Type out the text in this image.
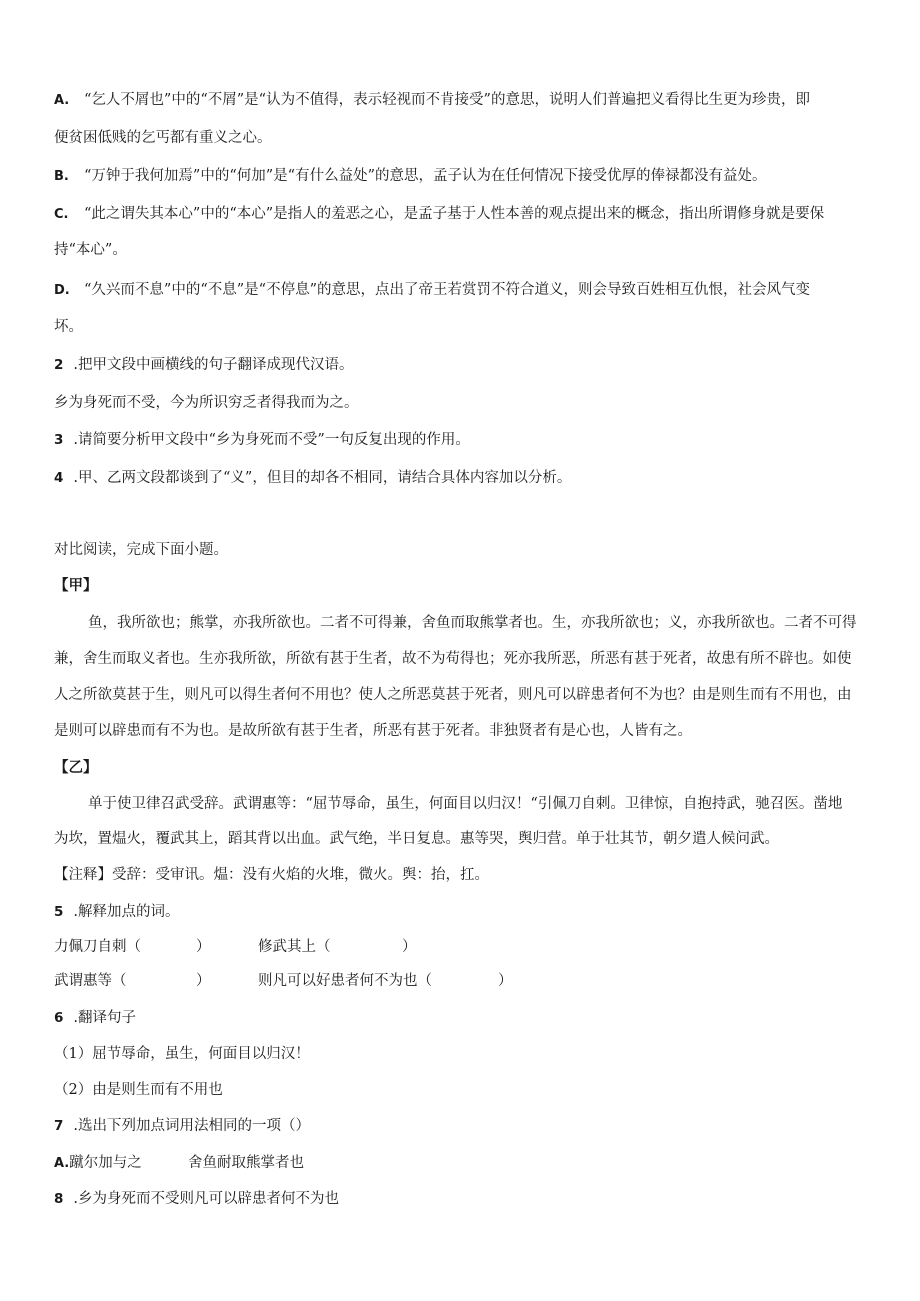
A. “乞人不屑也”中的“不屑”是“认为不值得，表示轻视而不肯接受”的意思，说明人们普遍把义看得比生更为珍贵，即
便贫困低贱的乞丐都有重义之心。
B. “万钟于我何加焉”中的“何加”是“有什么益处”的意思，孟子认为在任何情况下接受优厚的俸禄都没有益处。
C. “此之谓失其本心”中的“本心”是指人的羞恶之心，是孟子基于人性本善的观点提出来的概念，指出所谓修身就是要保
持“本心”。
D. “久兴而不息”中的“不息”是“不停息”的意思，点出了帝王若赏罚不符合道义，则会导致百姓相互仇恨，社会风气变
坏。
2 .把甲文段中画横线的句子翻译成现代汉语。
乡为身死而不受，今为所识穷乏者得我而为之。
3 .请简要分析甲文段中“乡为身死而不受”一句反复出现的作用。
4 .甲、乙两文段都谈到了“义”，但目的却各不相同，请结合具体内容加以分析。
对比阅读，完成下面小题。
【甲】
鱼，我所欲也；熊掌，亦我所欲也。二者不可得兼，舍鱼而取熊掌者也。生，亦我所欲也；义，亦我所欲也。二者不可得
兼，舍生而取义者也。生亦我所欲，所欲有甚于生者，故不为苟得也；死亦我所恶，所恶有甚于死者，故患有所不辟也。如使
人之所欲莫甚于生，则凡可以得生者何不用也？使人之所恶莫甚于死者，则凡可以辟患者何不为也？由是则生而有不用也，由
是则可以辟患而有不为也。是故所欲有甚于生者，所恶有甚于死者。非独贤者有是心也，人皆有之。
【乙】
单于使卫律召武受辞。武谓惠等：“屈节辱命，虽生，何面目以归汉！“引佩刀自刺。卫律惊，自抱持武，驰召医。凿地
为坎，置煴火，覆武其上，蹈其背以出血。武气绝，半日复息。惠等哭，舆归营。单于壮其节，朝夕遣人候问武。
【注释】受辞：受审讯。煴：没有火焰的火堆，微火。舆：抬，扛。
5 .解释加点的词。
力佩刀自刺（	）	修武其上（	）
武谓惠等（	）	则凡可以好患者何不为也（	）
6 .翻译句子
（1）屈节辱命，虽生，何面目以归汉！
（2）由是则生而有不用也
7 .选出下列加点词用法相同的一项（）
A.蹴尔加与之	舍鱼耐取熊掌者也
8 .乡为身死而不受则凡可以辟患者何不为也
